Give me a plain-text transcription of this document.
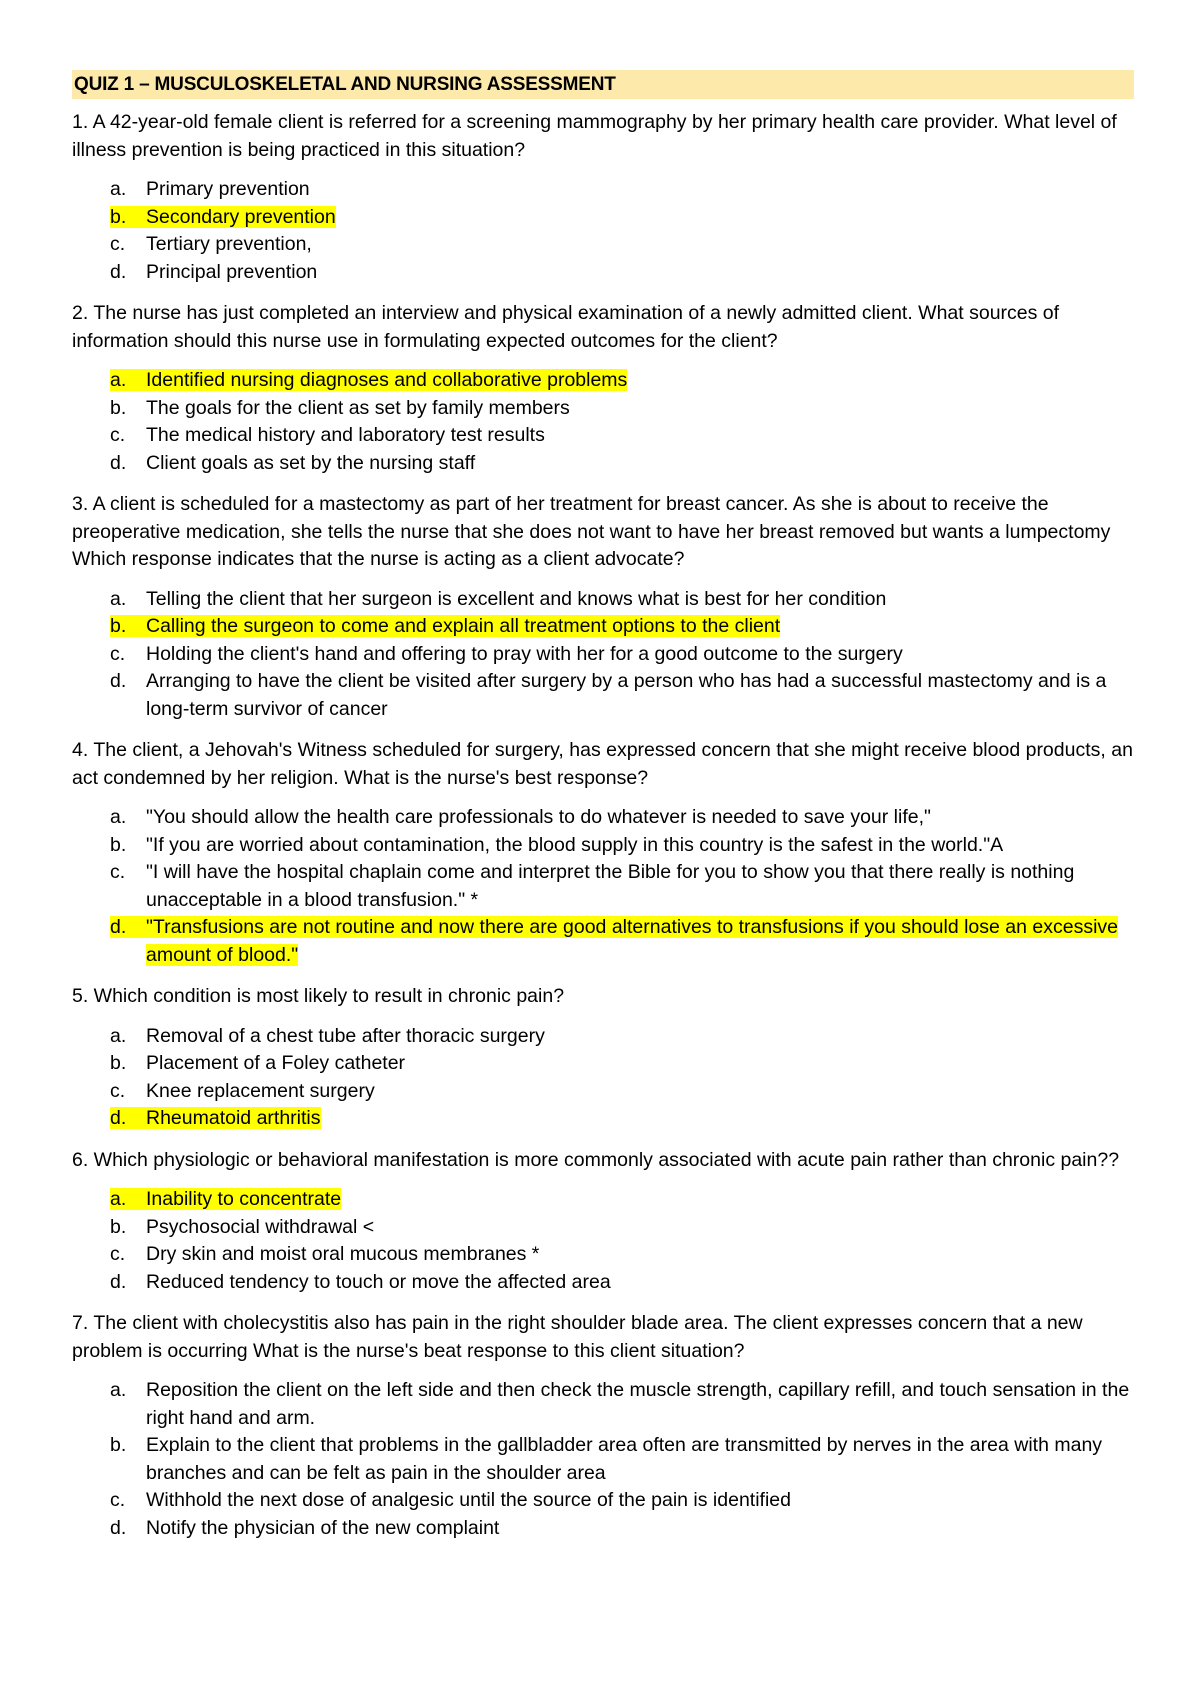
QUIZ 1 – MUSCULOSKELETAL AND NURSING ASSESSMENT

1. A 42-year-old female client is referred for a screening mammography by her primary health care provider. What level of illness prevention is being practiced in this situation?

a.	Primary prevention
b.	Secondary prevention
c.	Tertiary prevention,
d.	Principal prevention

2. The nurse has just completed an interview and physical examination of a newly admitted client. What sources of information should this nurse use in formulating expected outcomes for the client?

a.	Identified nursing diagnoses and collaborative problems
b.	The goals for the client as set by family members
c.	The medical history and laboratory test results
d.	Client goals as set by the nursing staff

3. A client is scheduled for a mastectomy as part of her treatment for breast cancer. As she is about to receive the preoperative medication, she tells the nurse that she does not want to have her breast removed but wants a lumpectomy Which response indicates that the nurse is acting as a client advocate?

a.	Telling the client that her surgeon is excellent and knows what is best for her condition
b.	Calling the surgeon to come and explain all treatment options to the client
c.	Holding the client's hand and offering to pray with her for a good outcome to the surgery
d.	Arranging to have the client be visited after surgery by a person who has had a successful mastectomy and is a long-term survivor of cancer

4. The client, a Jehovah's Witness scheduled for surgery, has expressed concern that she might receive blood products, an act condemned by her religion. What is the nurse's best response?

a.	"You should allow the health care professionals to do whatever is needed to save your life,"
b.	"If you are worried about contamination, the blood supply in this country is the safest in the world."A
c.	"I will have the hospital chaplain come and interpret the Bible for you to show you that there really is nothing unacceptable in a blood transfusion." *
d.	"Transfusions are not routine and now there are good alternatives to transfusions if you should lose an excessive amount of blood."

5. Which condition is most likely to result in chronic pain?

a.	Removal of a chest tube after thoracic surgery
b.	Placement of a Foley catheter
c.	Knee replacement surgery
d.	Rheumatoid arthritis

6. Which physiologic or behavioral manifestation is more commonly associated with acute pain rather than chronic pain??

a.	Inability to concentrate
b.	Psychosocial withdrawal <
c.	Dry skin and moist oral mucous membranes *
d.	Reduced tendency to touch or move the affected area

7. The client with cholecystitis also has pain in the right shoulder blade area. The client expresses concern that a new problem is occurring What is the nurse's beat response to this client situation?

a.	Reposition the client on the left side and then check the muscle strength, capillary refill, and touch sensation in the right hand and arm.
b.	Explain to the client that problems in the gallbladder area often are transmitted by nerves in the area with many branches and can be felt as pain in the shoulder area
c.	Withhold the next dose of analgesic until the source of the pain is identified
d.	Notify the physician of the new complaint
